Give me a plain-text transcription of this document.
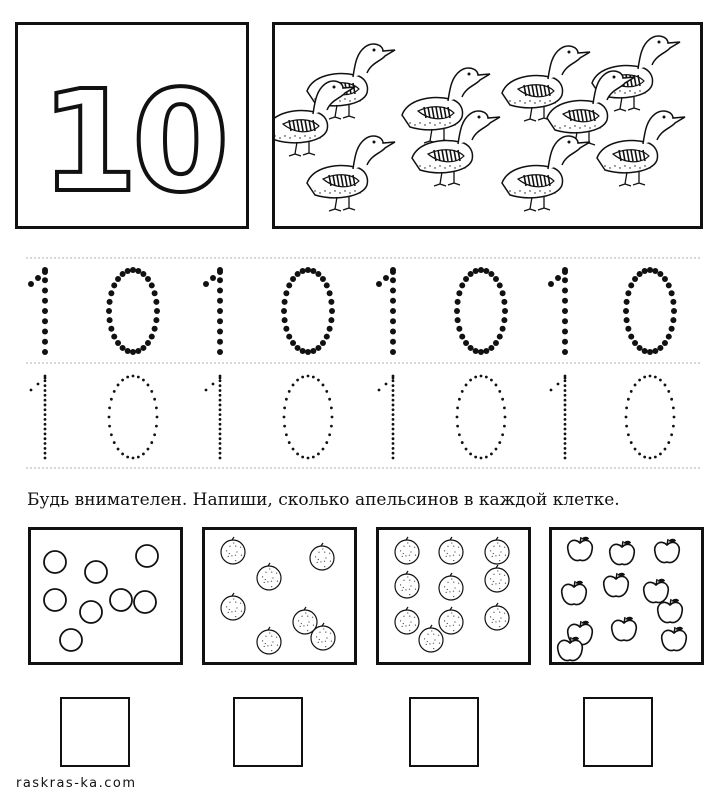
10
Будь внимателен. Напиши, сколько апельсинов в каждой клетке.
raskras-ka.com
